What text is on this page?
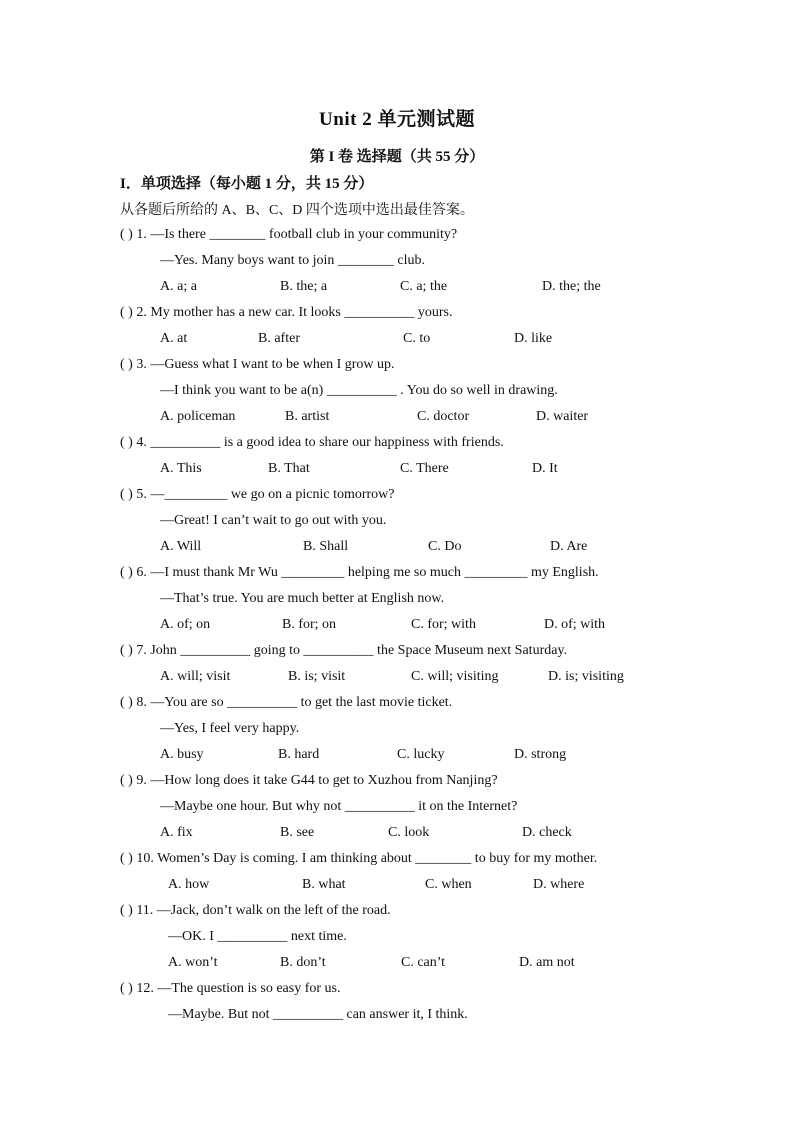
Unit 2 单元测试题
第 I 卷 选择题（共 55 分）
I．单项选择（每小题 1 分，共 15 分）
从各题后所给的 A、B、C、D 四个选项中选出最佳答案。
( ) 1. —Is there ________ football club in your community?
—Yes. Many boys want to join ________ club.
A. a; a	B. the; a	C. a; the	D. the; the
( ) 2. My mother has a new car. It looks __________ yours.
A. at	B. after	C. to	D. like
( ) 3. —Guess what I want to be when I grow up.
—I think you want to be a(n) __________ . You do so well in drawing.
A. policeman	B. artist	C. doctor	D. waiter
( ) 4. __________ is a good idea to share our happiness with friends.
A. This	B. That	C. There	D. It
( ) 5. —_________ we go on a picnic tomorrow?
—Great! I can’t wait to go out with you.
A. Will	B. Shall	C. Do	D. Are
( ) 6. —I must thank Mr Wu _________ helping me so much _________ my English.
—That’s true. You are much better at English now.
A. of; on	B. for; on	C. for; with	D. of; with
( ) 7. John __________ going to __________ the Space Museum next Saturday.
A. will; visit	B. is; visit	C. will; visiting	D. is; visiting
( ) 8. —You are so __________ to get the last movie ticket.
—Yes, I feel very happy.
A. busy	B. hard	C. lucky	D. strong
( ) 9. —How long does it take G44 to get to Xuzhou from Nanjing?
—Maybe one hour. But why not __________ it on the Internet?
A. fix	B. see	C. look	D. check
( ) 10. Women’s Day is coming. I am thinking about ________ to buy for my mother.
A. how	B. what	C. when	D. where
( ) 11. —Jack, don’t walk on the left of the road.
—OK. I __________ next time.
A. won’t	B. don’t	C. can’t	D. am not
( ) 12. —The question is so easy for us.
—Maybe. But not __________ can answer it, I think.
